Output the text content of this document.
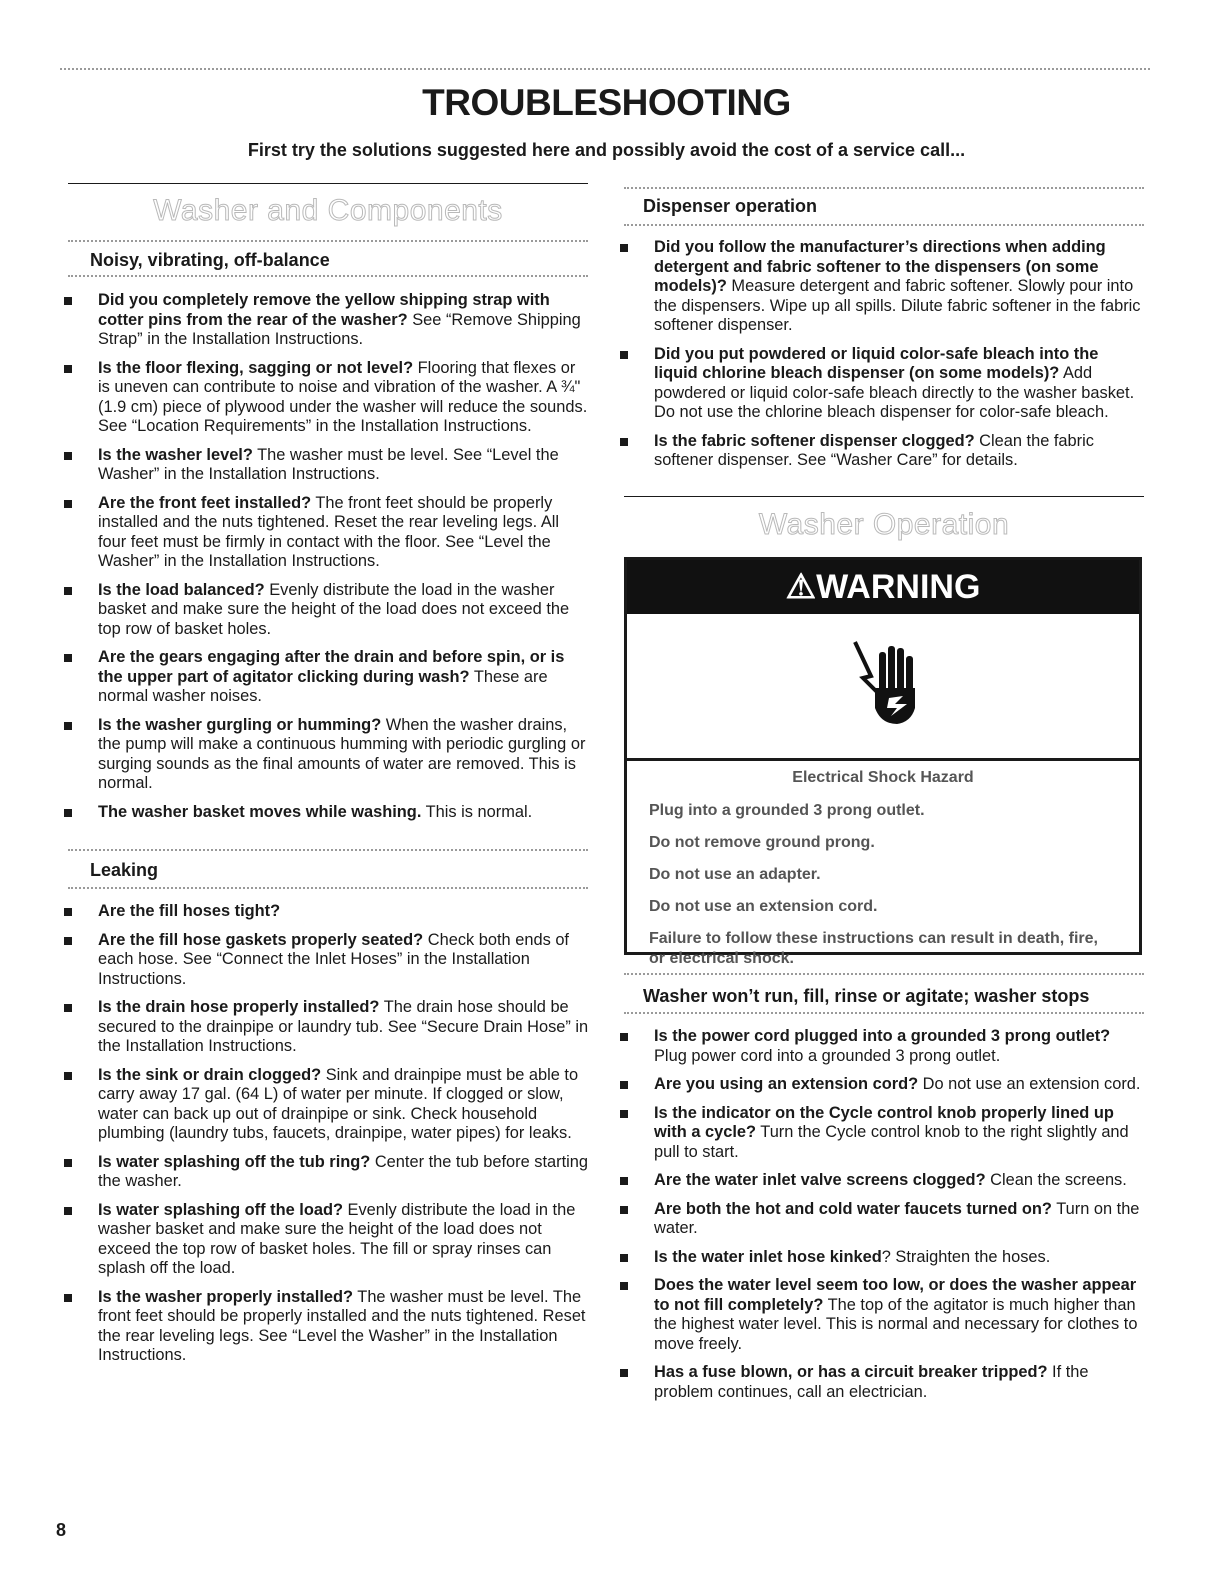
TROUBLESHOOTING

First try the solutions suggested here and possibly avoid the cost of a service call...

Washer and Components
Noisy, vibrating, off-balance
Did you completely remove the yellow shipping strap with cotter pins from the rear of the washer? See “Remove Shipping Strap” in the Installation Instructions.
Is the floor flexing, sagging or not level? Flooring that flexes or is uneven can contribute to noise and vibration of the washer. A ¾" (1.9 cm) piece of plywood under the washer will reduce the sounds. See “Location Requirements” in the Installation Instructions.
Is the washer level? The washer must be level. See “Level the Washer” in the Installation Instructions.
Are the front feet installed? The front feet should be properly installed and the nuts tightened. Reset the rear leveling legs. All four feet must be firmly in contact with the floor. See “Level the Washer” in the Installation Instructions.
Is the load balanced? Evenly distribute the load in the washer basket and make sure the height of the load does not exceed the top row of basket holes.
Are the gears engaging after the drain and before spin, or is the upper part of agitator clicking during wash? These are normal washer noises.
Is the washer gurgling or humming? When the washer drains, the pump will make a continuous humming with periodic gurgling or surging sounds as the final amounts of water are removed. This is normal.
The washer basket moves while washing. This is normal.
Leaking
Are the fill hoses tight?
Are the fill hose gaskets properly seated? Check both ends of each hose. See “Connect the Inlet Hoses” in the Installation Instructions.
Is the drain hose properly installed? The drain hose should be secured to the drainpipe or laundry tub. See “Secure Drain Hose” in the Installation Instructions.
Is the sink or drain clogged? Sink and drainpipe must be able to carry away 17 gal. (64 L) of water per minute. If clogged or slow, water can back up out of drainpipe or sink. Check household plumbing (laundry tubs, faucets, drainpipe, water pipes) for leaks.
Is water splashing off the tub ring? Center the tub before starting the washer.
Is water splashing off the load? Evenly distribute the load in the washer basket and make sure the height of the load does not exceed the top row of basket holes. The fill or spray rinses can splash off the load.
Is the washer properly installed? The washer must be level. The front feet should be properly installed and the nuts tightened. Reset the rear leveling legs. See “Level the Washer” in the Installation Instructions.
Dispenser operation
Did you follow the manufacturer’s directions when adding detergent and fabric softener to the dispensers (on some models)? Measure detergent and fabric softener. Slowly pour into the dispensers. Wipe up all spills. Dilute fabric softener in the fabric softener dispenser.
Did you put powdered or liquid color-safe bleach into the liquid chlorine bleach dispenser (on some models)? Add powdered or liquid color-safe bleach directly to the washer basket. Do not use the chlorine bleach dispenser for color-safe bleach.
Is the fabric softener dispenser clogged? Clean the fabric softener dispenser. See “Washer Care” for details.
Washer Operation
⚠WARNING
Electrical Shock Hazard

Plug into a grounded 3 prong outlet.

Do not remove ground prong.

Do not use an adapter.

Do not use an extension cord.

Failure to follow these instructions can result in death, fire, or electrical shock.

Washer won’t run, fill, rinse or agitate; washer stops
Is the power cord plugged into a grounded 3 prong outlet? Plug power cord into a grounded 3 prong outlet.
Are you using an extension cord? Do not use an extension cord.
Is the indicator on the Cycle control knob properly lined up with a cycle? Turn the Cycle control knob to the right slightly and pull to start.
Are the water inlet valve screens clogged? Clean the screens.
Are both the hot and cold water faucets turned on? Turn on the water.
Is the water inlet hose kinked? Straighten the hoses.
Does the water level seem too low, or does the washer appear to not fill completely? The top of the agitator is much higher than the highest water level. This is normal and necessary for clothes to move freely.
Has a fuse blown, or has a circuit breaker tripped? If the problem continues, call an electrician.
8
